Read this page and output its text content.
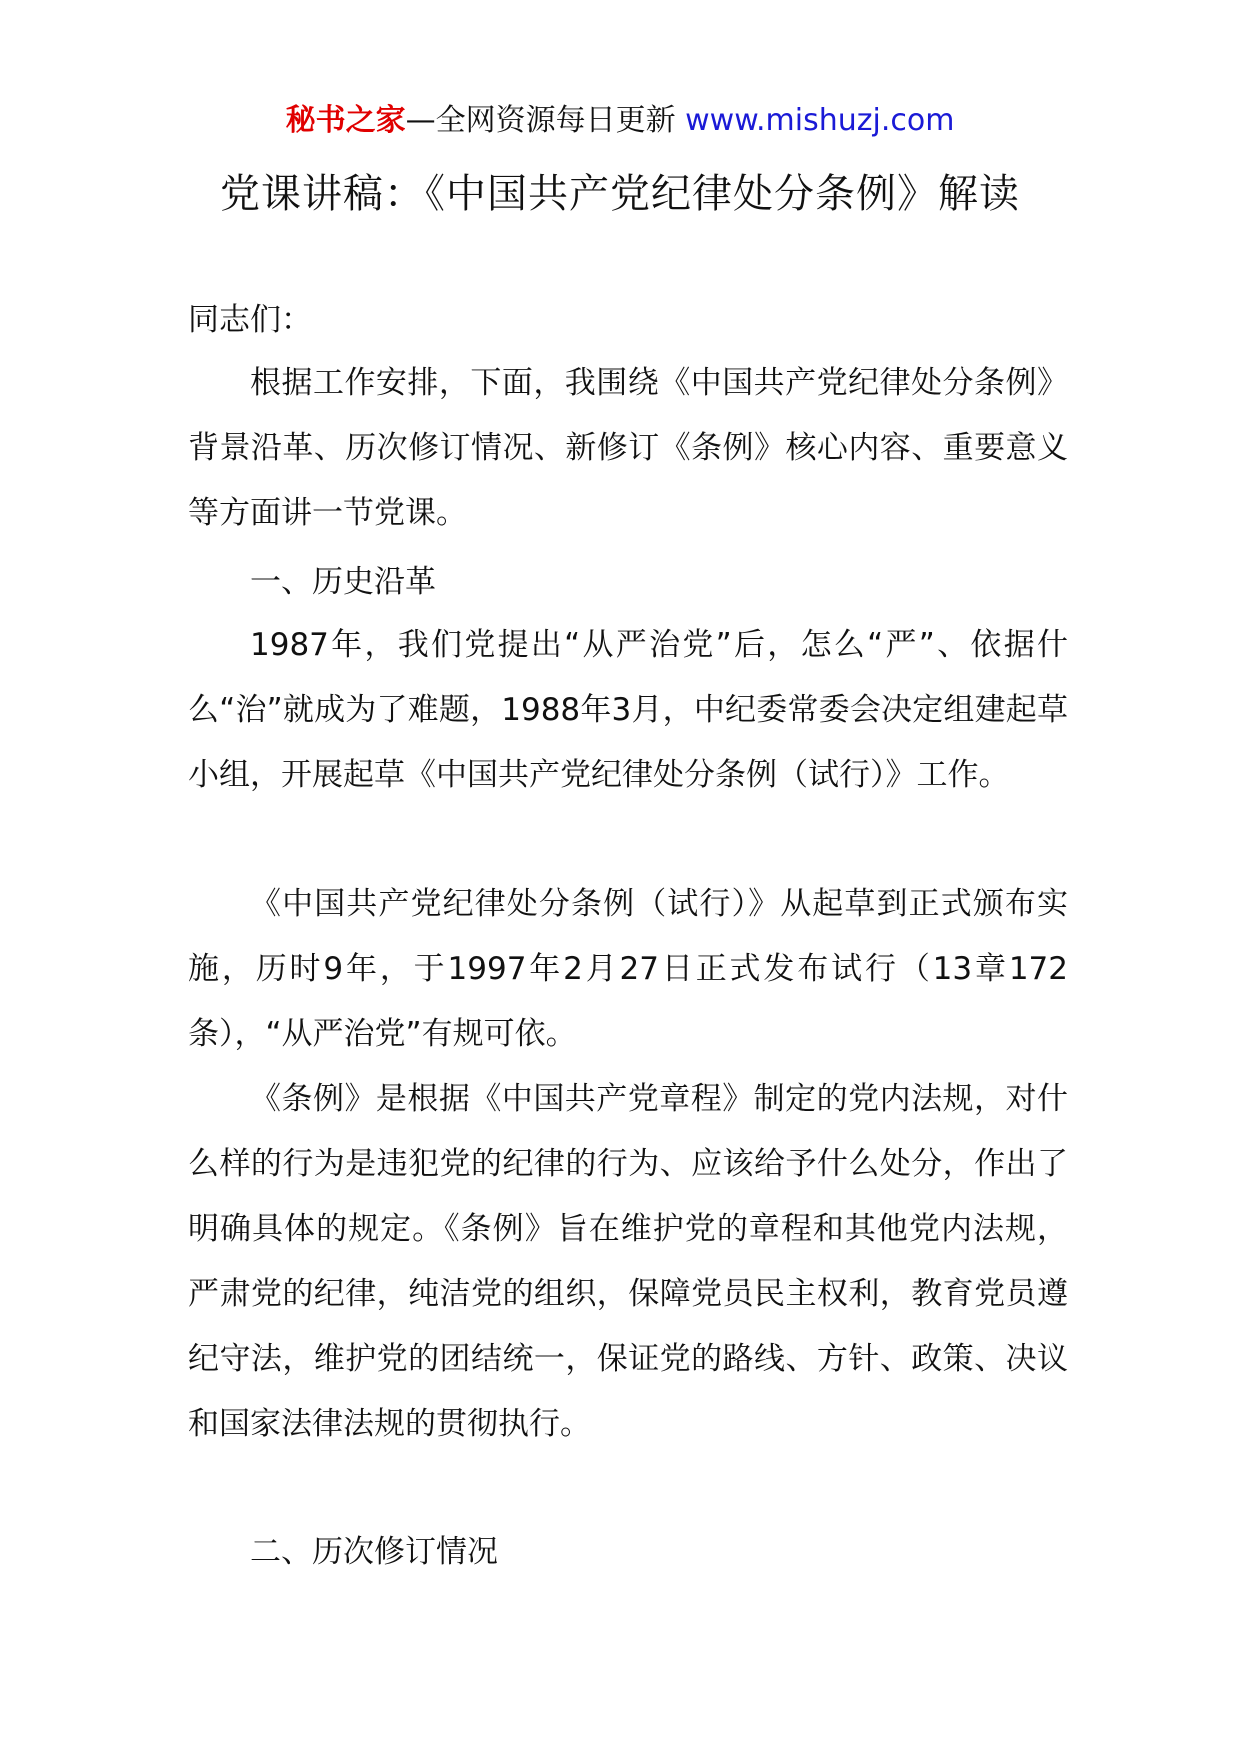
秘书之家—全网资源每日更新 www.mishuzj.com
党课讲稿：《中国共产党纪律处分条例》解读

同志们：

根据工作安排，下面，我围绕《中国共产党纪律处分条例》背景沿革、历次修订情况、新修订《条例》核心内容、重要意义等方面讲一节党课。

一、历史沿革

1987年，我们党提出“从严治党”后，怎么“严”、依据什么“治”就成为了难题，1988年3月，中纪委常委会决定组建起草小组，开展起草《中国共产党纪律处分条例（试行）》工作。

《中国共产党纪律处分条例（试行）》从起草到正式颁布实施，历时9年，于1997年2月27日正式发布试行（13章172条），“从严治党”有规可依。

《条例》是根据《中国共产党章程》制定的党内法规，对什么样的行为是违犯党的纪律的行为、应该给予什么处分，作出了明确具体的规定。《条例》旨在维护党的章程和其他党内法规，严肃党的纪律，纯洁党的组织，保障党员民主权利，教育党员遵纪守法，维护党的团结统一，保证党的路线、方针、政策、决议和国家法律法规的贯彻执行。

二、历次修订情况
